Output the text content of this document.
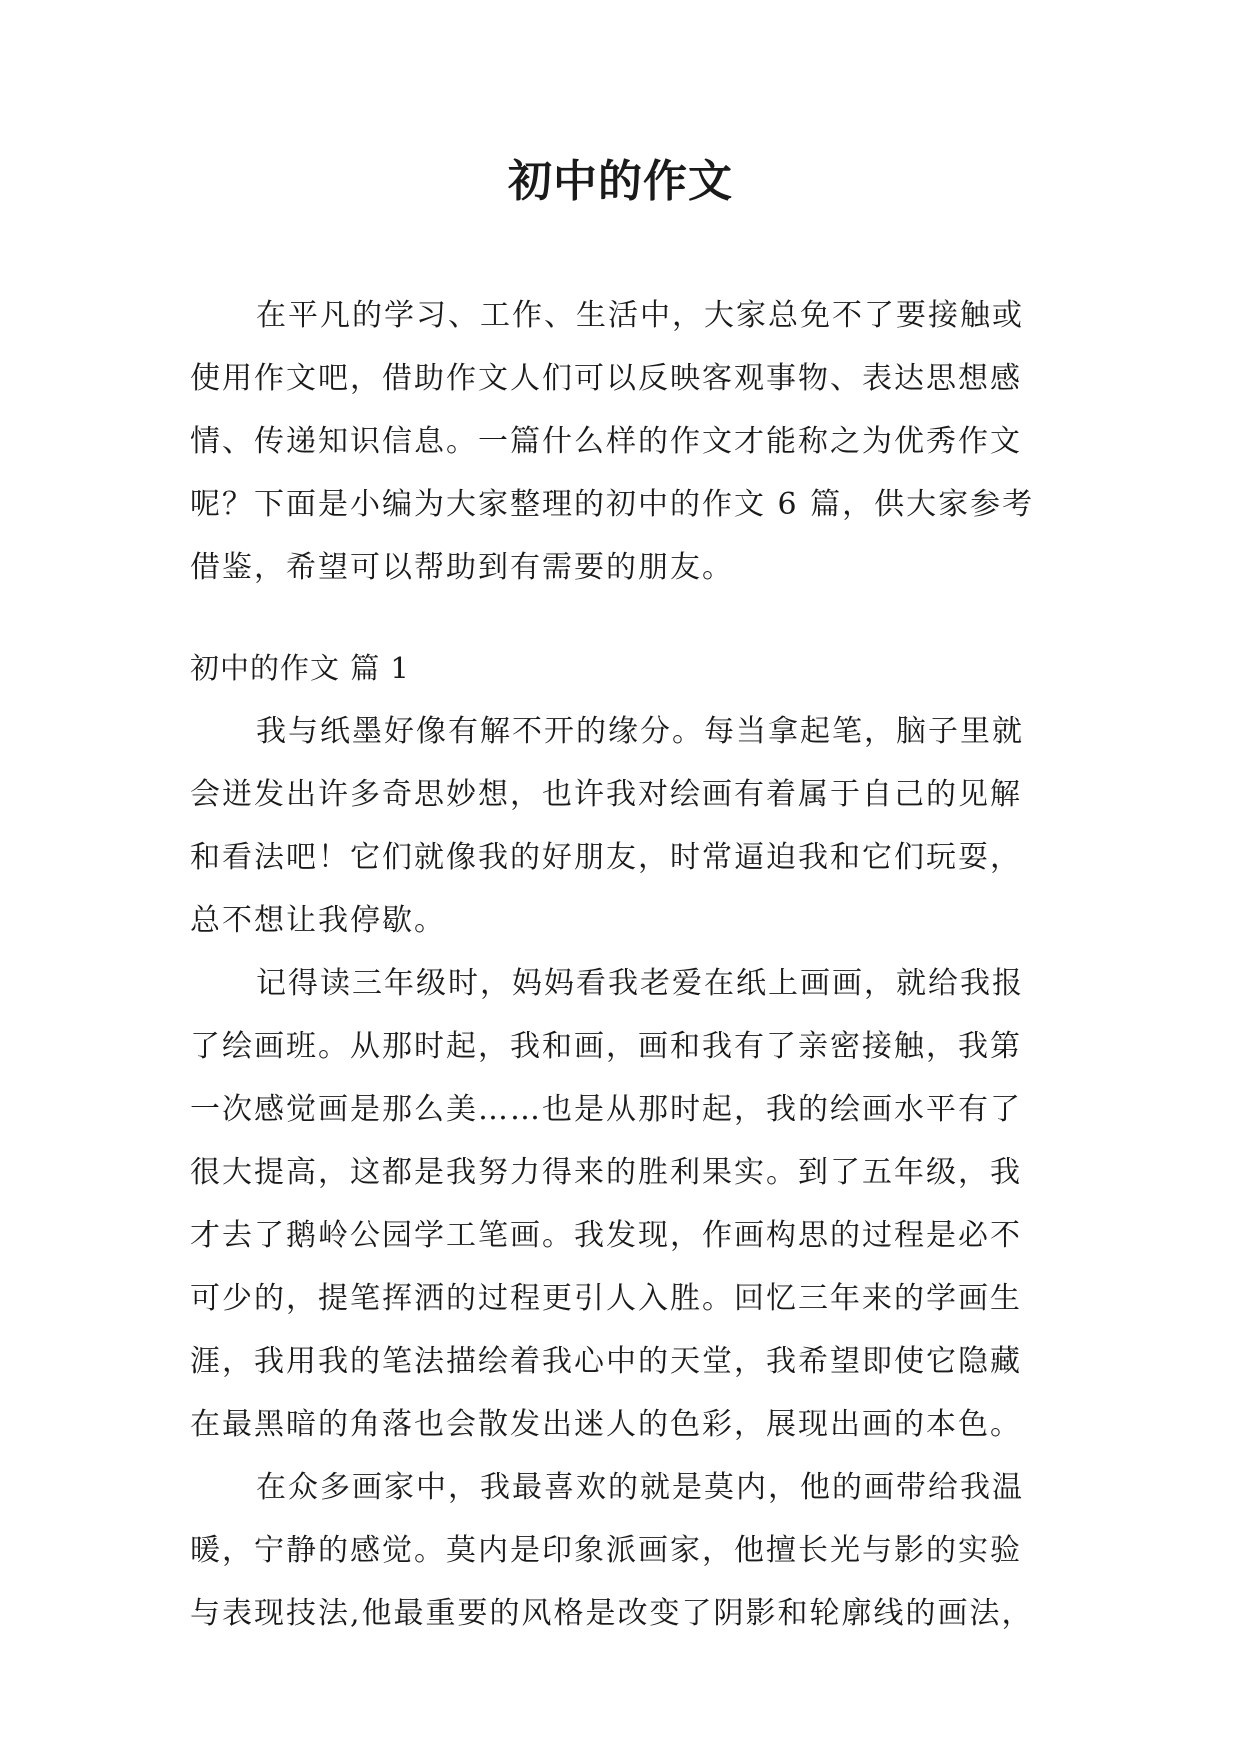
初中的作文
在平凡的学习、工作、生活中，大家总免不了要接触或
使用作文吧，借助作文人们可以反映客观事物、表达思想感
情、传递知识信息。一篇什么样的作文才能称之为优秀作文
呢？下面是小编为大家整理的初中的作文 6 篇，供大家参考
借鉴，希望可以帮助到有需要的朋友。
初中的作文 篇 1
我与纸墨好像有解不开的缘分。每当拿起笔，脑子里就
会迸发出许多奇思妙想，也许我对绘画有着属于自己的见解
和看法吧！它们就像我的好朋友，时常逼迫我和它们玩耍，
总不想让我停歇。
记得读三年级时，妈妈看我老爱在纸上画画，就给我报
了绘画班。从那时起，我和画，画和我有了亲密接触，我第
一次感觉画是那么美……也是从那时起，我的绘画水平有了
很大提高，这都是我努力得来的胜利果实。到了五年级，我
才去了鹅岭公园学工笔画。我发现，作画构思的过程是必不
可少的，提笔挥洒的过程更引人入胜。回忆三年来的学画生
涯，我用我的笔法描绘着我心中的天堂，我希望即使它隐藏
在最黑暗的角落也会散发出迷人的色彩，展现出画的本色。
在众多画家中，我最喜欢的就是莫内，他的画带给我温
暖，宁静的感觉。莫内是印象派画家，他擅长光与影的实验
与表现技法,他最重要的风格是改变了阴影和轮廓线的画法，
